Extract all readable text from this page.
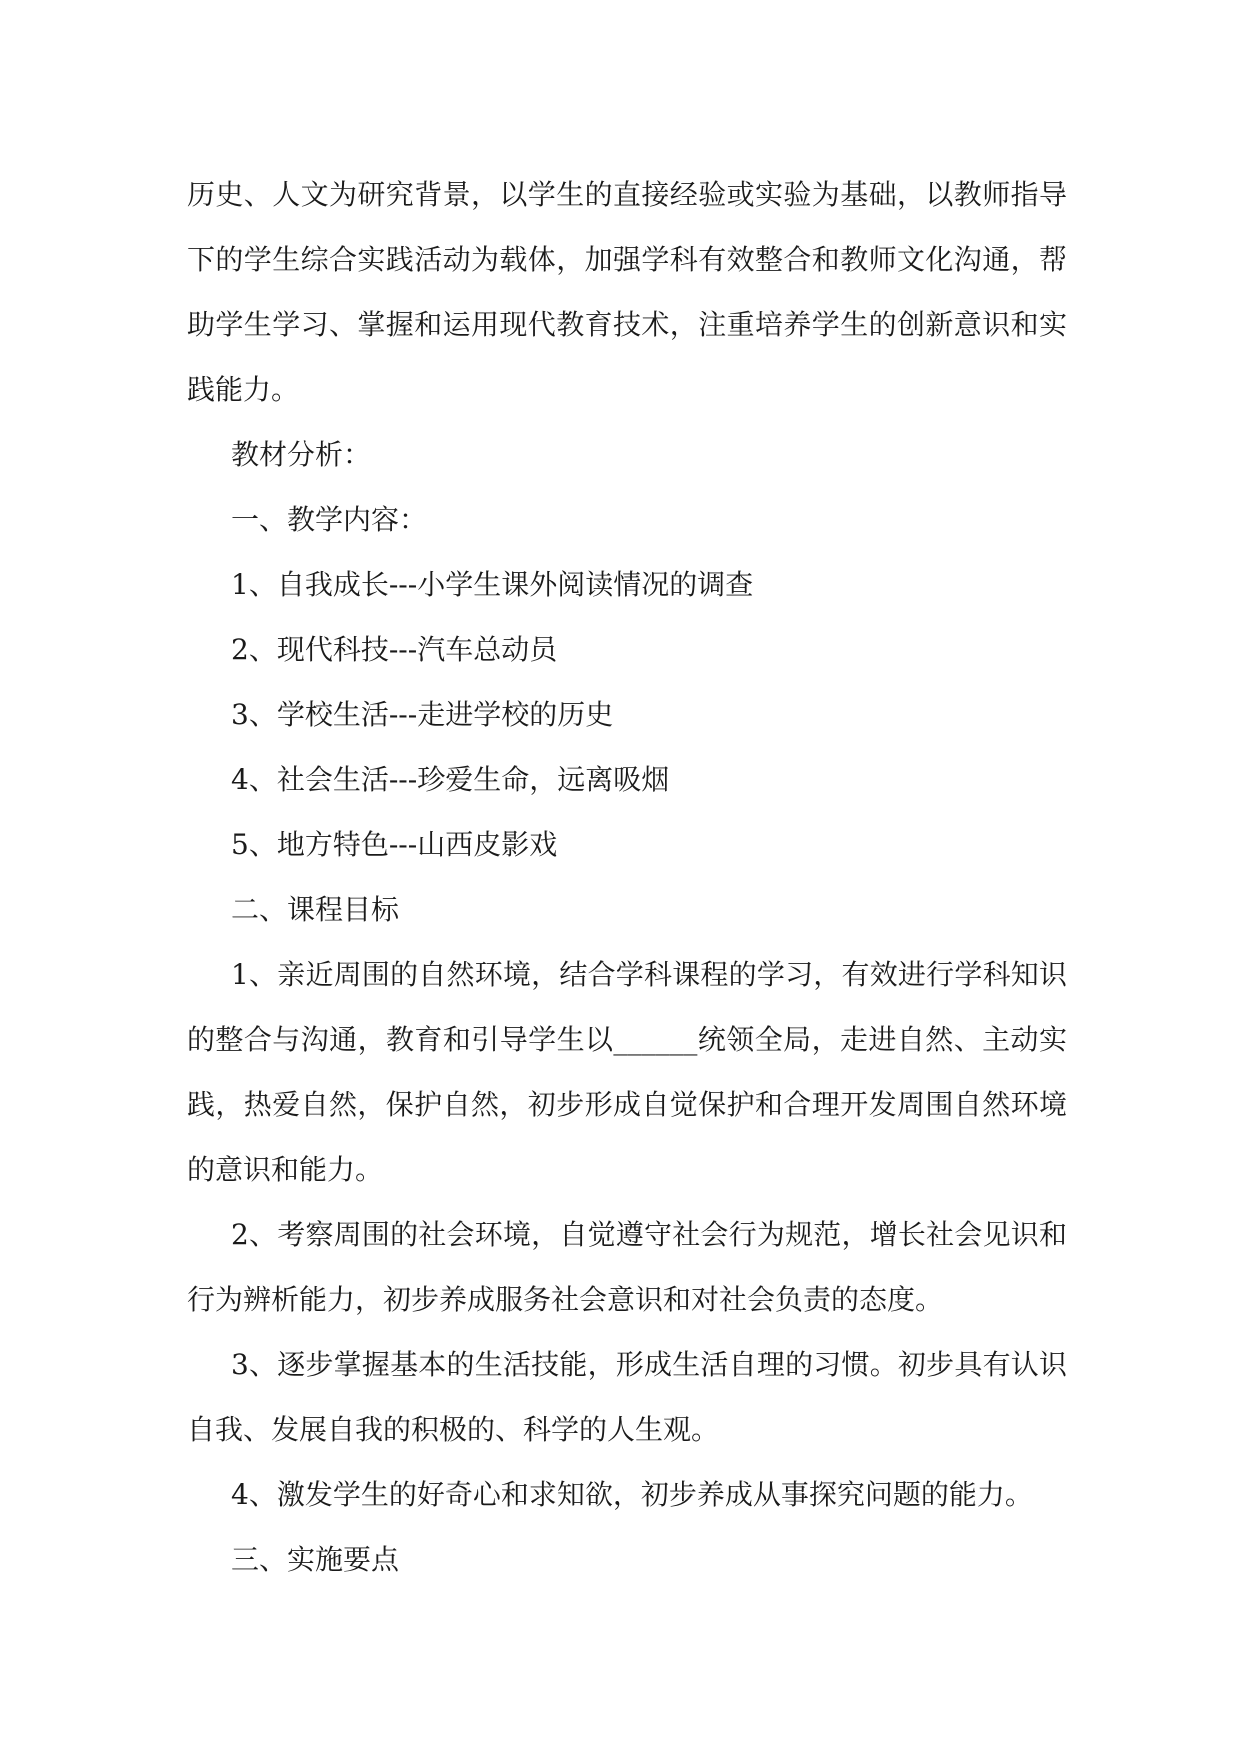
历史、人文为研究背景，以学生的直接经验或实验为基础，以教师指导下的学生综合实践活动为载体，加强学科有效整合和教师文化沟通，帮助学生学习、掌握和运用现代教育技术，注重培养学生的创新意识和实践能力。

教材分析：

一、教学内容：

1、自我成长---小学生课外阅读情况的调查

2、现代科技---汽车总动员

3、学校生活---走进学校的历史

4、社会生活---珍爱生命，远离吸烟

5、地方特色---山西皮影戏

二、课程目标

1、亲近周围的自然环境，结合学科课程的学习，有效进行学科知识的整合与沟通，教育和引导学生以______统领全局，走进自然、主动实践，热爱自然，保护自然，初步形成自觉保护和合理开发周围自然环境的意识和能力。

2、考察周围的社会环境，自觉遵守社会行为规范，增长社会见识和行为辨析能力，初步养成服务社会意识和对社会负责的态度。

3、逐步掌握基本的生活技能，形成生活自理的习惯。初步具有认识自我、发展自我的积极的、科学的人生观。

4、激发学生的好奇心和求知欲，初步养成从事探究问题的能力。

三、实施要点
